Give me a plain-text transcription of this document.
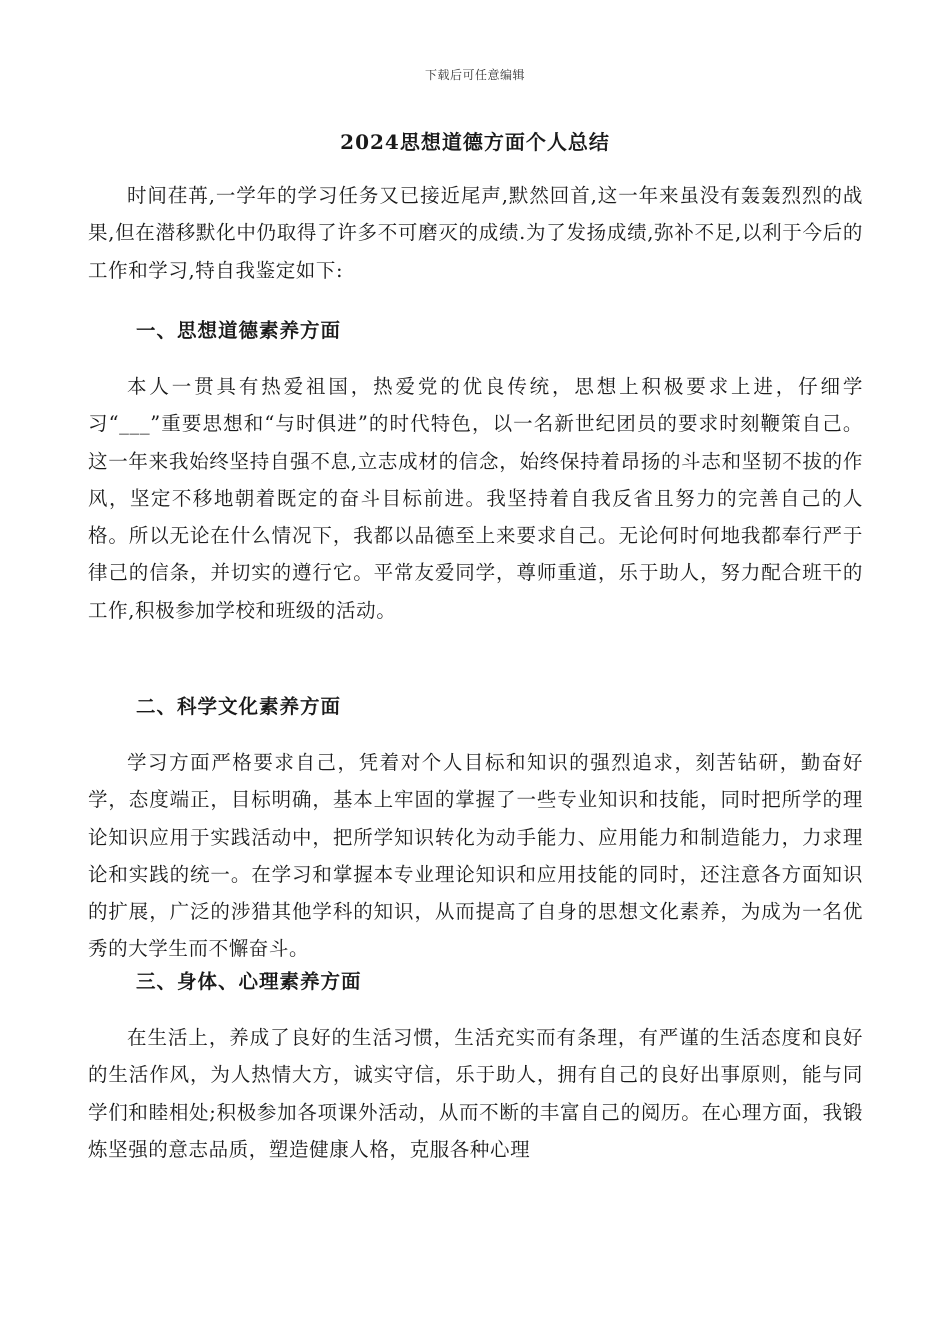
下载后可任意编辑
2024思想道德方面个人总结

时间荏苒,一学年的学习任务又已接近尾声,默然回首,这一年来虽没有轰轰烈烈的战果,但在潜移默化中仍取得了许多不可磨灭的成绩.为了发扬成绩,弥补不足,以利于今后的工作和学习,特自我鉴定如下:

一、思想道德素养方面

本人一贯具有热爱祖国，热爱党的优良传统，思想上积极要求上进，仔细学习“___”重要思想和“与时俱进”的时代特色，以一名新世纪团员的要求时刻鞭策自己。这一年来我始终坚持自强不息,立志成材的信念，始终保持着昂扬的斗志和坚韧不拔的作风，坚定不移地朝着既定的奋斗目标前进。我坚持着自我反省且努力的完善自己的人格。所以无论在什么情况下，我都以品德至上来要求自己。无论何时何地我都奉行严于律己的信条，并切实的遵行它。平常友爱同学，尊师重道，乐于助人，努力配合班干的工作,积极参加学校和班级的活动。

二、科学文化素养方面

学习方面严格要求自己，凭着对个人目标和知识的强烈追求，刻苦钻研，勤奋好学，态度端正，目标明确，基本上牢固的掌握了一些专业知识和技能，同时把所学的理论知识应用于实践活动中，把所学知识转化为动手能力、应用能力和制造能力，力求理论和实践的统一。在学习和掌握本专业理论知识和应用技能的同时，还注意各方面知识的扩展，广泛的涉猎其他学科的知识，从而提高了自身的思想文化素养，为成为一名优秀的大学生而不懈奋斗。

三、身体、心理素养方面

在生活上，养成了良好的生活习惯，生活充实而有条理，有严谨的生活态度和良好的生活作风，为人热情大方，诚实守信，乐于助人，拥有自己的良好出事原则，能与同学们和睦相处;积极参加各项课外活动，从而不断的丰富自己的阅历。在心理方面，我锻炼坚强的意志品质，塑造健康人格，克服各种心理
